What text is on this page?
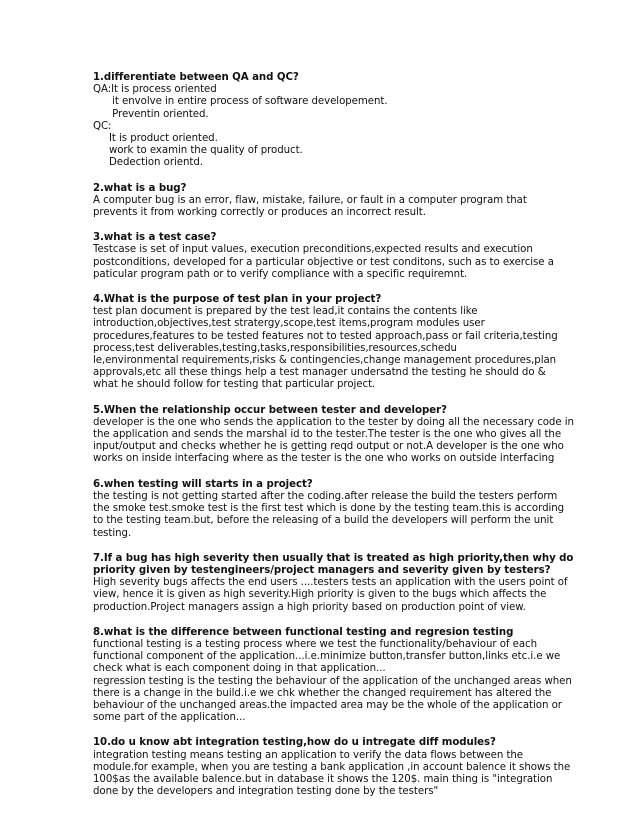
1.differentiate between QA and QC?
QA:It is process oriented
it envolve in entire process of software developement.
Preventin oriented.
QC:
It is product oriented.
work to examin the quality of product.
Dedection orientd.
2.what is a bug?
A computer bug is an error, flaw, mistake, failure, or fault in a computer program that
prevents it from working correctly or produces an incorrect result.
3.what is a test case?
Testcase is set of input values, execution preconditions,expected results and execution
postconditions, developed for a particular objective or test conditons, such as to exercise a
paticular program path or to verify compliance with a specific requiremnt.
4.What is the purpose of test plan in your project?
test plan document is prepared by the test lead,it contains the contents like
introduction,objectives,test stratergy,scope,test items,program modules user
procedures,features to be tested features not to tested approach,pass or fail criteria,testing
process,test deliverables,testing,tasks,responsibilities,resources,schedu
le,environmental requirements,risks & contingencies,change management procedures,plan
approvals,etc all these things help a test manager undersatnd the testing he should do &
what he should follow for testing that particular project.
5.When the relationship occur between tester and developer?
developer is the one who sends the application to the tester by doing all the necessary code in
the application and sends the marshal id to the tester.The tester is the one who gives all the
input/output and checks whether he is getting reqd output or not.A developer is the one who
works on inside interfacing where as the tester is the one who works on outside interfacing
6.when testing will starts in a project?
the testing is not getting started after the coding.after release the build the testers perform
the smoke test.smoke test is the first test which is done by the testing team.this is according
to the testing team.but, before the releasing of a build the developers will perform the unit
testing.
7.If a bug has high severity then usually that is treated as high priority,then why do
priority given by testengineers/project managers and severity given by testers?
High severity bugs affects the end users ....testers tests an application with the users point of
view, hence it is given as high severity.High priority is given to the bugs which affects the
production.Project managers assign a high priority based on production point of view.
8.what is the difference between functional testing and regresion testing
functional testing is a testing process where we test the functionality/behaviour of each
functional component of the application...i.e.minimize button,transfer button,links etc.i.e we
check what is each component doing in that application...
regression testing is the testing the behaviour of the application of the unchanged areas when
there is a change in the build.i.e we chk whether the changed requirement has altered the
behaviour of the unchanged areas.the impacted area may be the whole of the application or
some part of the application...
10.do u know abt integration testing,how do u intregate diff modules?
integration testing means testing an application to verify the data flows between the
module.for example, when you are testing a bank application ,in account balence it shows the
100$as the available balence.but in database it shows the 120$. main thing is "integration
done by the developers and integration testing done by the testers"
